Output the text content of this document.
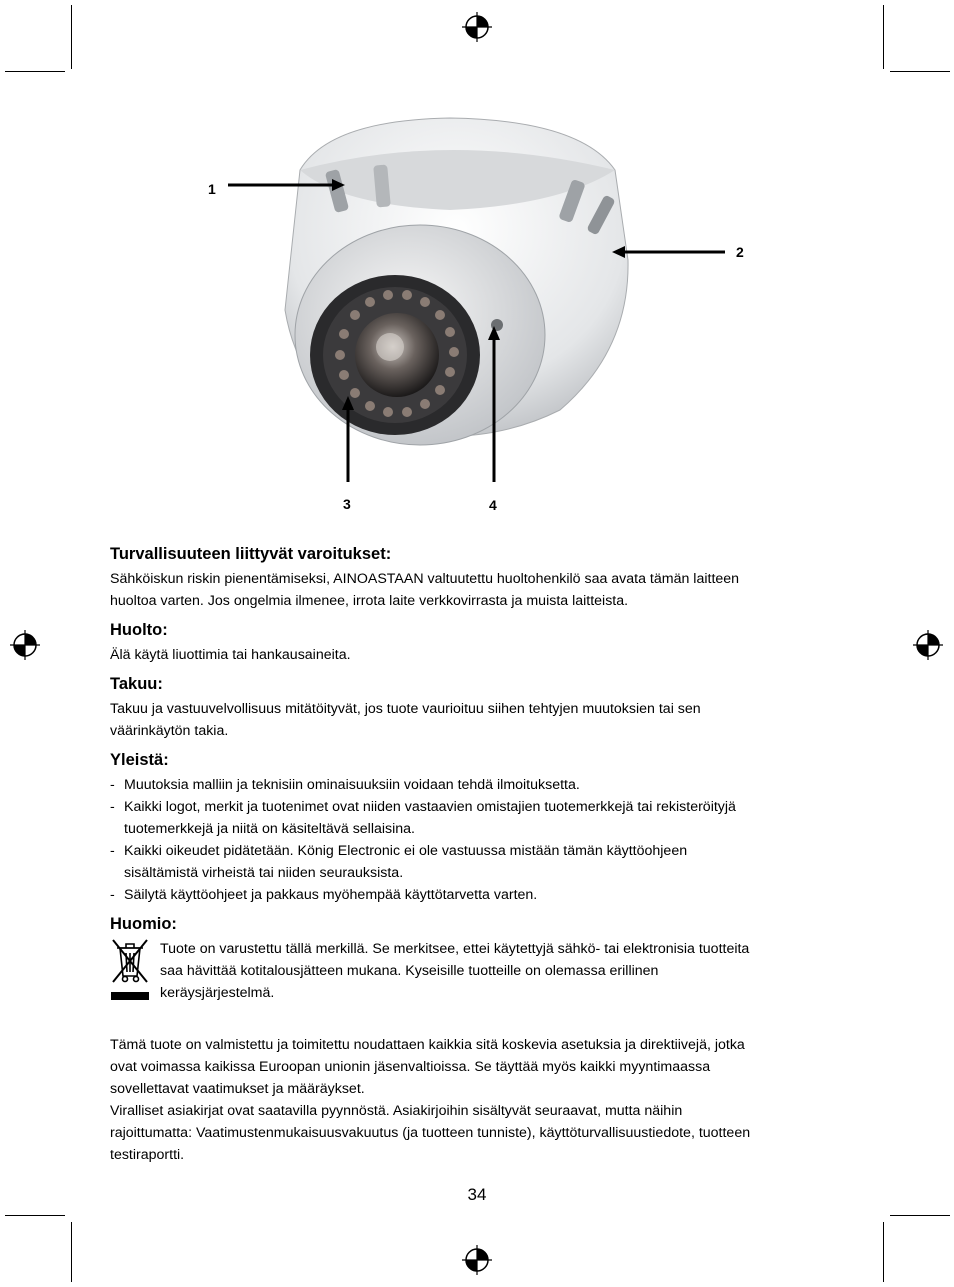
1
2
3	4
Turvallisuuteen liittyvät varoitukset:

Sähköiskun riskin pienentämiseksi, AINOASTAAN valtuutettu huoltohenkilö saa avata tämän laitteen
huoltoa varten. Jos ongelmia ilmenee, irrota laite verkkovirrasta ja muista laitteista.

Huolto:

Älä käytä liuottimia tai hankausaineita.

Takuu:

Takuu ja vastuuvelvollisuus mitätöityvät, jos tuote vaurioituu siihen tehtyjen muutoksien tai sen
väärinkäytön takia.

Yleistä:
- Muutoksia malliin ja teknisiin ominaisuuksiin voidaan tehdä ilmoituksetta.
- Kaikki logot, merkit ja tuotenimet ovat niiden vastaavien omistajien tuotemerkkejä tai rekisteröityjä
tuotemerkkejä ja niitä on käsiteltävä sellaisina.
- Kaikki oikeudet pidätetään. König Electronic ei ole vastuussa mistään tämän käyttöohjeen
sisältämistä virheistä tai niiden seurauksista.
- Säilytä käyttöohjeet ja pakkaus myöhempää käyttötarvetta varten.
Huomio:
Tuote on varustettu tällä merkillä. Se merkitsee, ettei käytettyjä sähkö- tai elektronisia tuotteita
saa hävittää kotitalousjätteen mukana. Kyseisille tuotteille on olemassa erillinen
keräysjärjestelmä.

Tämä tuote on valmistettu ja toimitettu noudattaen kaikkia sitä koskevia asetuksia ja direktiivejä, jotka
ovat voimassa kaikissa Euroopan unionin jäsenvaltioissa. Se täyttää myös kaikki myyntimaassa
sovellettavat vaatimukset ja määräykset.
Viralliset asiakirjat ovat saatavilla pyynnöstä. Asiakirjoihin sisältyvät seuraavat, mutta näihin
rajoittumatta: Vaatimustenmukaisuusvakuutus (ja tuotteen tunniste), käyttöturvallisuustiedote, tuotteen
testiraportti.

34
